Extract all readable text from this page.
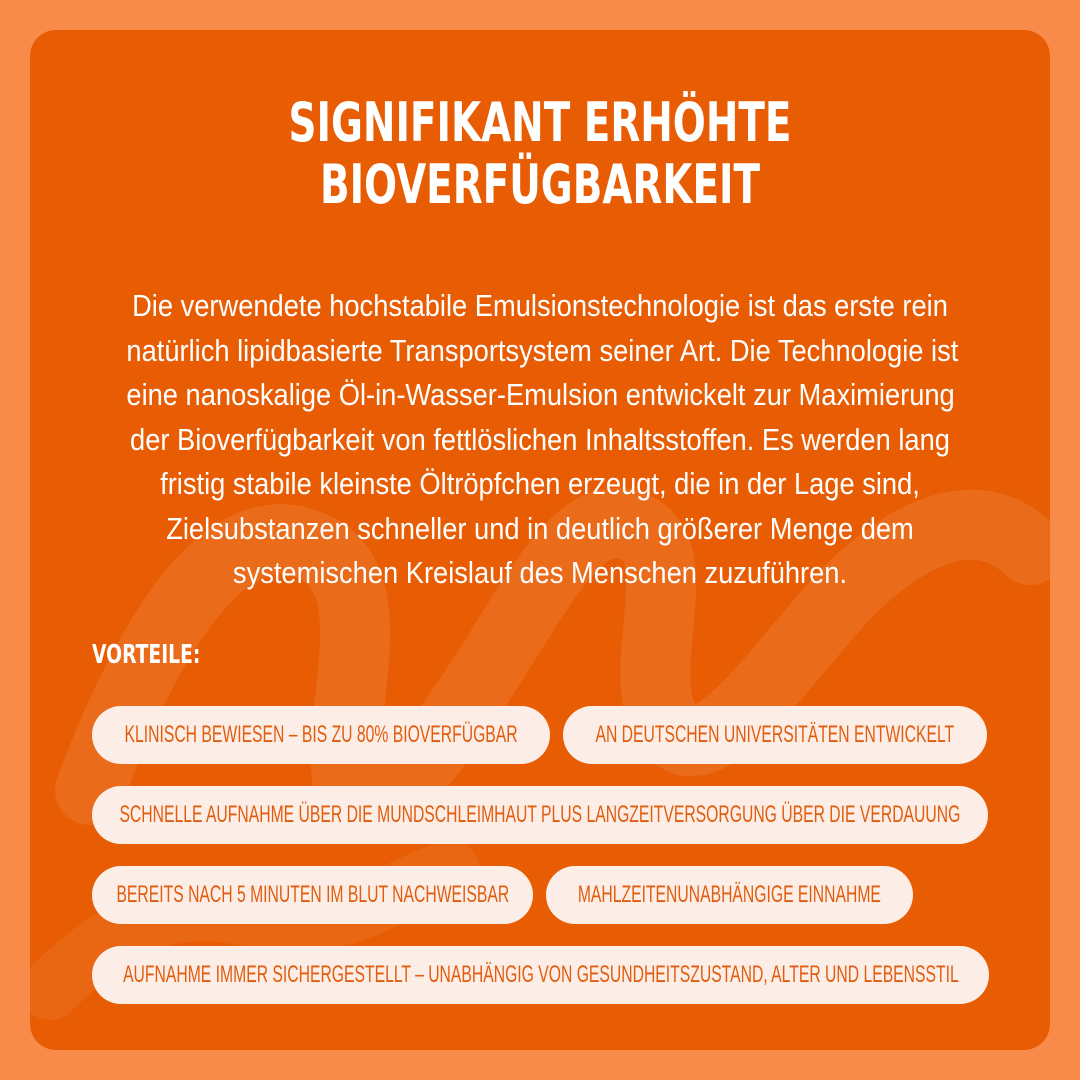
SIGNIFIKANT ERHÖHTE
BIOVERFÜGBARKEIT
Die verwendete hochstabile Emulsionstechnologie ist das erste rein
natürlich lipidbasierte Transportsystem seiner Art. Die Technologie ist
eine nanoskalige Öl-in-Wasser-Emulsion entwickelt zur Maximierung
der Bioverfügbarkeit von fettlöslichen Inhaltsstoffen. Es werden lang
fristig stabile kleinste Öltröpfchen erzeugt, die in der Lage sind,
Zielsubstanzen schneller und in deutlich größerer Menge dem
systemischen Kreislauf des Menschen zuzuführen.
VORTEILE:
KLINISCH BEWIESEN – BIS ZU 80% BIOVERFÜGBAR	AN DEUTSCHEN UNIVERSITÄTEN ENTWICKELT
SCHNELLE AUFNAHME ÜBER DIE MUNDSCHLEIMHAUT PLUS LANGZEITVERSORGUNG ÜBER DIE VERDAUUNG
BEREITS NACH 5 MINUTEN IM BLUT NACHWEISBAR	MAHLZEITENUNABHÄNGIGE EINNAHME
AUFNAHME IMMER SICHERGESTELLT – UNABHÄNGIG VON GESUNDHEITSZUSTAND, ALTER UND LEBENSSTIL
